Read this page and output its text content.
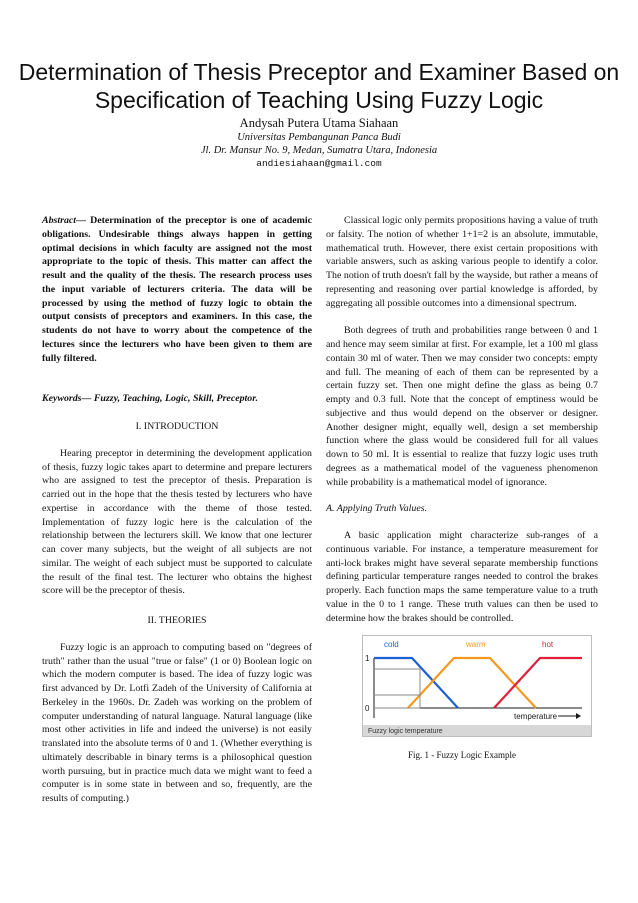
Determination of Thesis Preceptor and Examiner Based on Specification of Teaching Using Fuzzy Logic
Andysah Putera Utama Siahaan
Universitas Pembangunan Panca Budi
Jl. Dr. Mansur No. 9, Medan, Sumatra Utara, Indonesia
andiesiahaan@gmail.com

Abstract— Determination of the preceptor is one of academic obligations. Undesirable things always happen in getting optimal decisions in which faculty are assigned not the most appropriate to the topic of thesis. This matter can affect the result and the quality of the thesis. The research process uses the input variable of lecturers criteria. The data will be processed by using the method of fuzzy logic to obtain the output consists of preceptors and examiners. In this case, the students do not have to worry about the competence of the lectures since the lecturers who have been given to them are fully filtered.

Keywords— Fuzzy, Teaching, Logic, Skill, Preceptor.

I. INTRODUCTION

Hearing preceptor in determining the development application of thesis, fuzzy logic takes apart to determine and prepare lecturers who are assigned to test the preceptor of thesis. Preparation is carried out in the hope that the thesis tested by lecturers who have expertise in accordance with the theme of those tested. Implementation of fuzzy logic here is the calculation of the relationship between the lecturers skill. We know that one lecturer can cover many subjects, but the weight of all subjects are not similar. The weight of each subject must be supported to calculate the result of the final test. The lecturer who obtains the highest score will be the preceptor of thesis.

II. THEORIES

Fuzzy logic is an approach to computing based on "degrees of truth" rather than the usual "true or false" (1 or 0) Boolean logic on which the modern computer is based. The idea of fuzzy logic was first advanced by Dr. Lotfi Zadeh of the University of California at Berkeley in the 1960s. Dr. Zadeh was working on the problem of computer understanding of natural language. Natural language (like most other activities in life and indeed the universe) is not easily translated into the absolute terms of 0 and 1. (Whether everything is ultimately describable in binary terms is a philosophical question worth pursuing, but in practice much data we might want to feed a computer is in some state in between and so, frequently, are the results of computing.)

Classical logic only permits propositions having a value of truth or falsity. The notion of whether 1+1=2 is an absolute, immutable, mathematical truth. However, there exist certain propositions with variable answers, such as asking various people to identify a color. The notion of truth doesn't fall by the wayside, but rather a means of representing and reasoning over partial knowledge is afforded, by aggregating all possible outcomes into a dimensional spectrum.

Both degrees of truth and probabilities range between 0 and 1 and hence may seem similar at first. For example, let a 100 ml glass contain 30 ml of water. Then we may consider two concepts: empty and full. The meaning of each of them can be represented by a certain fuzzy set. Then one might define the glass as being 0.7 empty and 0.3 full. Note that the concept of emptiness would be subjective and thus would depend on the observer or designer. Another designer might, equally well, design a set membership function where the glass would be considered full for all values down to 50 ml. It is essential to realize that fuzzy logic uses truth degrees as a mathematical model of the vagueness phenomenon while probability is a mathematical model of ignorance.

A. Applying Truth Values.

A basic application might characterize sub-ranges of a continuous variable. For instance, a temperature measurement for anti-lock brakes might have several separate membership functions defining particular temperature ranges needed to control the brakes properly. Each function maps the same temperature value to a truth value in the 0 to 1 range. These truth values can then be used to determine how the brakes should be controlled.

cold	warm	hot
1
0
temperature
Fuzzy logic temperature
Fig. 1 - Fuzzy Logic Example
